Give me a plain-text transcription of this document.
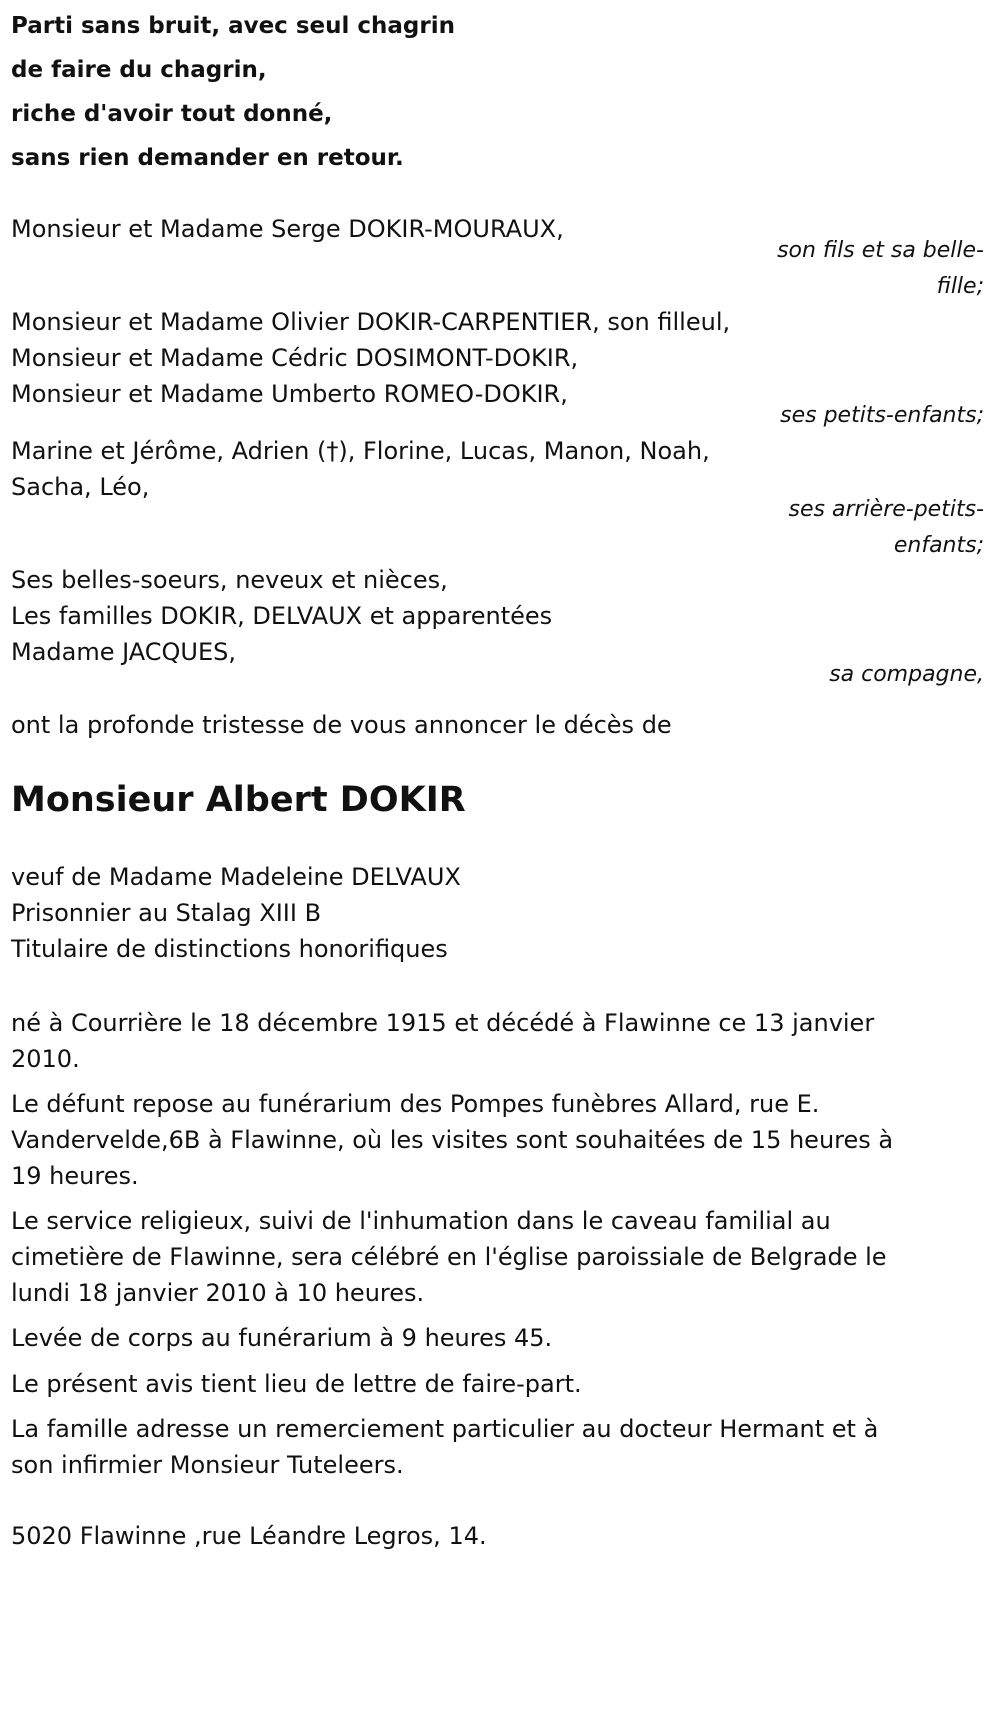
Parti sans bruit, avec seul chagrin
de faire du chagrin,
riche d'avoir tout donné,
sans rien demander en retour.
Monsieur et Madame Serge DOKIR-MOURAUX,
son fils et sa belle-
fille;
Monsieur et Madame Olivier DOKIR-CARPENTIER, son filleul,
Monsieur et Madame Cédric DOSIMONT-DOKIR,
Monsieur et Madame Umberto ROMEO-DOKIR,
ses petits-enfants;
Marine et Jérôme, Adrien (†), Florine, Lucas, Manon, Noah,
Sacha, Léo,
ses arrière-petits-
enfants;
Ses belles-soeurs, neveux et nièces,
Les familles DOKIR, DELVAUX et apparentées
Madame JACQUES,
sa compagne,
ont la profonde tristesse de vous annoncer le décès de
Monsieur Albert DOKIR
veuf de Madame Madeleine DELVAUX
Prisonnier au Stalag XIII B
Titulaire de distinctions honorifiques
né à Courrière le 18 décembre 1915 et décédé à Flawinne ce 13 janvier
2010.
Le défunt repose au funérarium des Pompes funèbres Allard, rue E.
Vandervelde,6B à Flawinne, où les visites sont souhaitées de 15 heures à
19 heures.
Le service religieux, suivi de l'inhumation dans le caveau familial au
cimetière de Flawinne, sera célébré en l'église paroissiale de Belgrade le
lundi 18 janvier 2010 à 10 heures.
Levée de corps au funérarium à 9 heures 45.
Le présent avis tient lieu de lettre de faire-part.
La famille adresse un remerciement particulier au docteur Hermant et à
son infirmier Monsieur Tuteleers.
5020 Flawinne ,rue Léandre Legros, 14.
